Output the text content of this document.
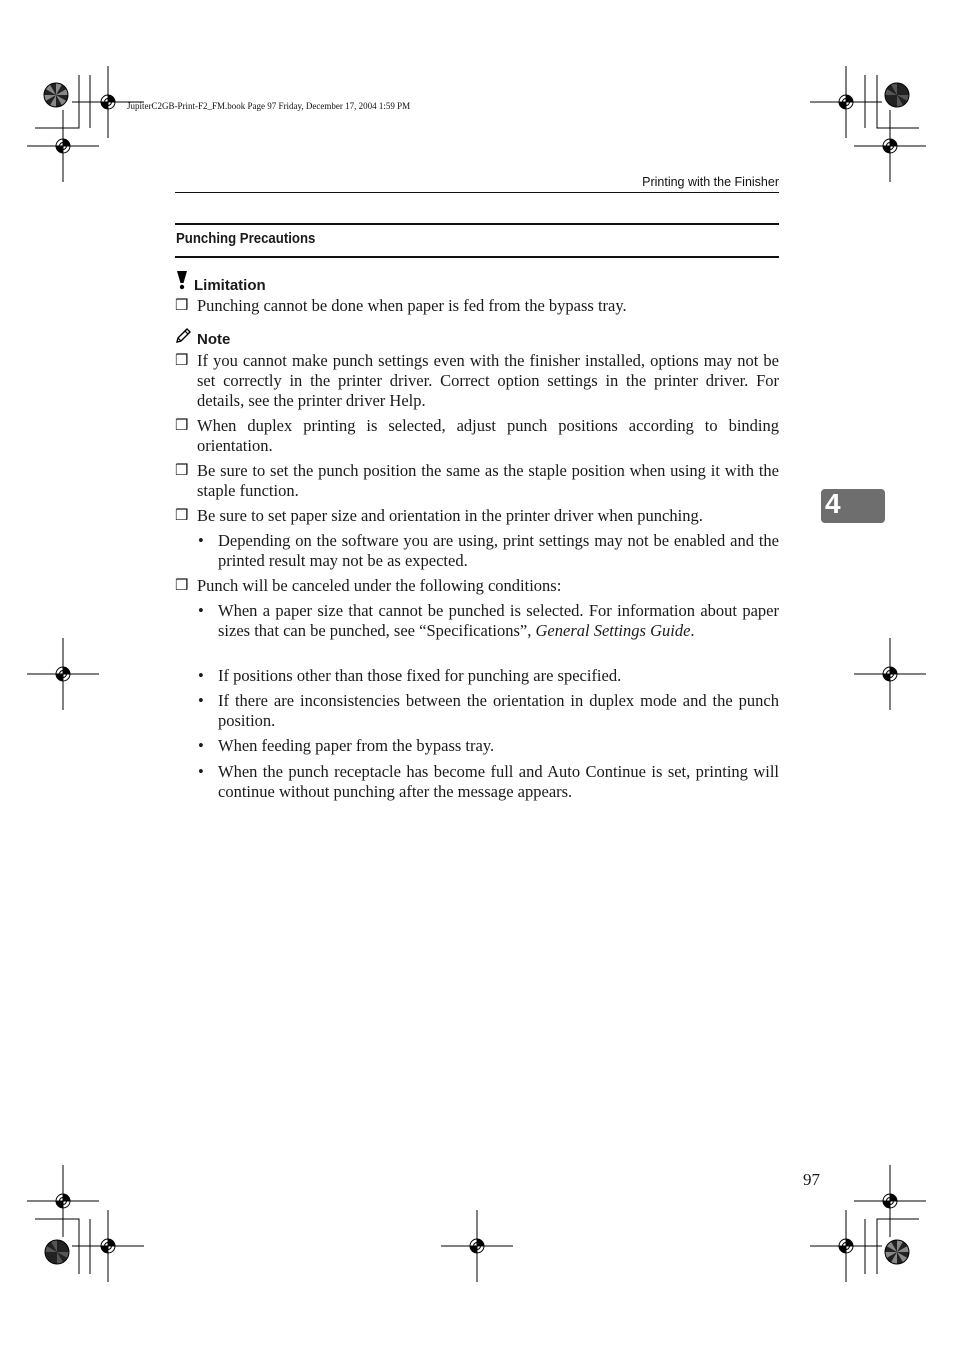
JupiterC2GB-Print-F2_FM.book Page 97 Friday, December 17, 2004 1:59 PM
Printing with the Finisher
Punching Precautions
Limitation
❒ Punching cannot be done when paper is fed from the bypass tray.
Note
❒ If you cannot make punch settings even with the finisher installed, options may not be set correctly in the printer driver. Correct option settings in the printer driver. For details, see the printer driver Help.
❒ When duplex printing is selected, adjust punch positions according to binding orientation.
❒ Be sure to set the punch position the same as the staple position when using it with the staple function.
❒ Be sure to set paper size and orientation in the printer driver when punching.
• Depending on the software you are using, print settings may not be enabled and the printed result may not be as expected.
❒ Punch will be canceled under the following conditions:
• When a paper size that cannot be punched is selected. For information about paper sizes that can be punched, see “Specifications”, General Settings Guide.
• If positions other than those fixed for punching are specified.
• If there are inconsistencies between the orientation in duplex mode and the punch position.
• When feeding paper from the bypass tray.
• When the punch receptacle has become full and Auto Continue is set, printing will continue without punching after the message appears.
4
97
